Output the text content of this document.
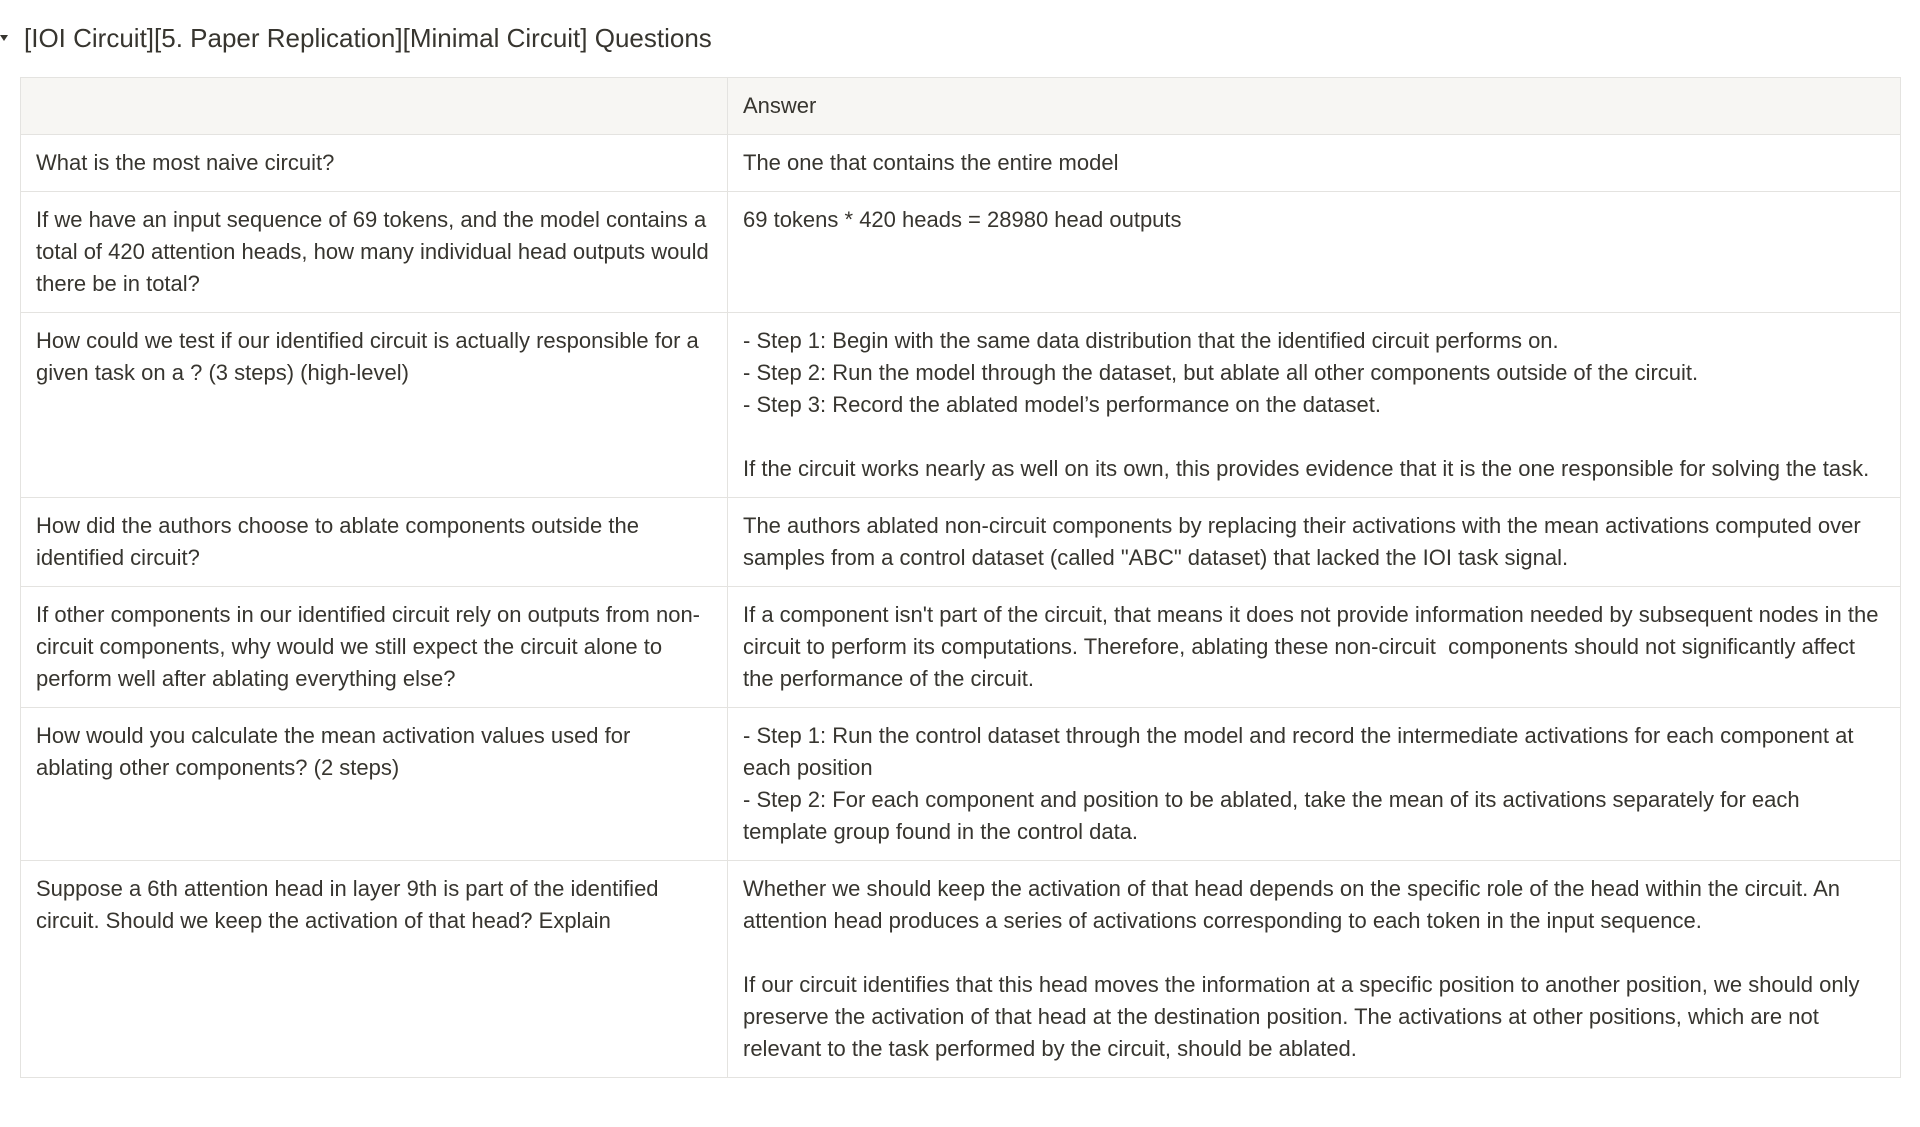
[IOI Circuit][5. Paper Replication][Minimal Circuit] Questions
	Answer

What is the most naive circuit?	The one that contains the entire model

If we have an input sequence of 69 tokens, and the model contains a total of 420 attention heads, how many individual head outputs would there be in total?	69 tokens * 420 heads = 28980 head outputs

How could we test if our identified circuit is actually responsible for a given task on a ? (3 steps) (high-level)	- Step 1: Begin with the same data distribution that the identified circuit performs on.
- Step 2: Run the model through the dataset, but ablate all other components outside of the circuit.
- Step 3: Record the ablated model’s performance on the dataset.
If the circuit works nearly as well on its own, this provides evidence that it is the one responsible for solving the task.

How did the authors choose to ablate components outside the identified circuit?	The authors ablated non-circuit components by replacing their activations with the mean activations computed over samples from a control dataset (called "ABC" dataset) that lacked the IOI task signal.

If other components in our identified circuit rely on outputs from non-circuit components, why would we still expect the circuit alone to perform well after ablating everything else?	If a component isn't part of the circuit, that means it does not provide information needed by subsequent nodes in the circuit to perform its computations. Therefore, ablating these non-circuit  components should not significantly affect the performance of the circuit.

How would you calculate the mean activation values used for ablating other components? (2 steps)	- Step 1: Run the control dataset through the model and record the intermediate activations for each component at each position
- Step 2: For each component and position to be ablated, take the mean of its activations separately for each template group found in the control data.

Suppose a 6th attention head in layer 9th is part of the identified circuit. Should we keep the activation of that head? Explain	Whether we should keep the activation of that head depends on the specific role of the head within the circuit. An attention head produces a series of activations corresponding to each token in the input sequence.
If our circuit identifies that this head moves the information at a specific position to another position, we should only preserve the activation of that head at the destination position. The activations at other positions, which are not relevant to the task performed by the circuit, should be ablated.
